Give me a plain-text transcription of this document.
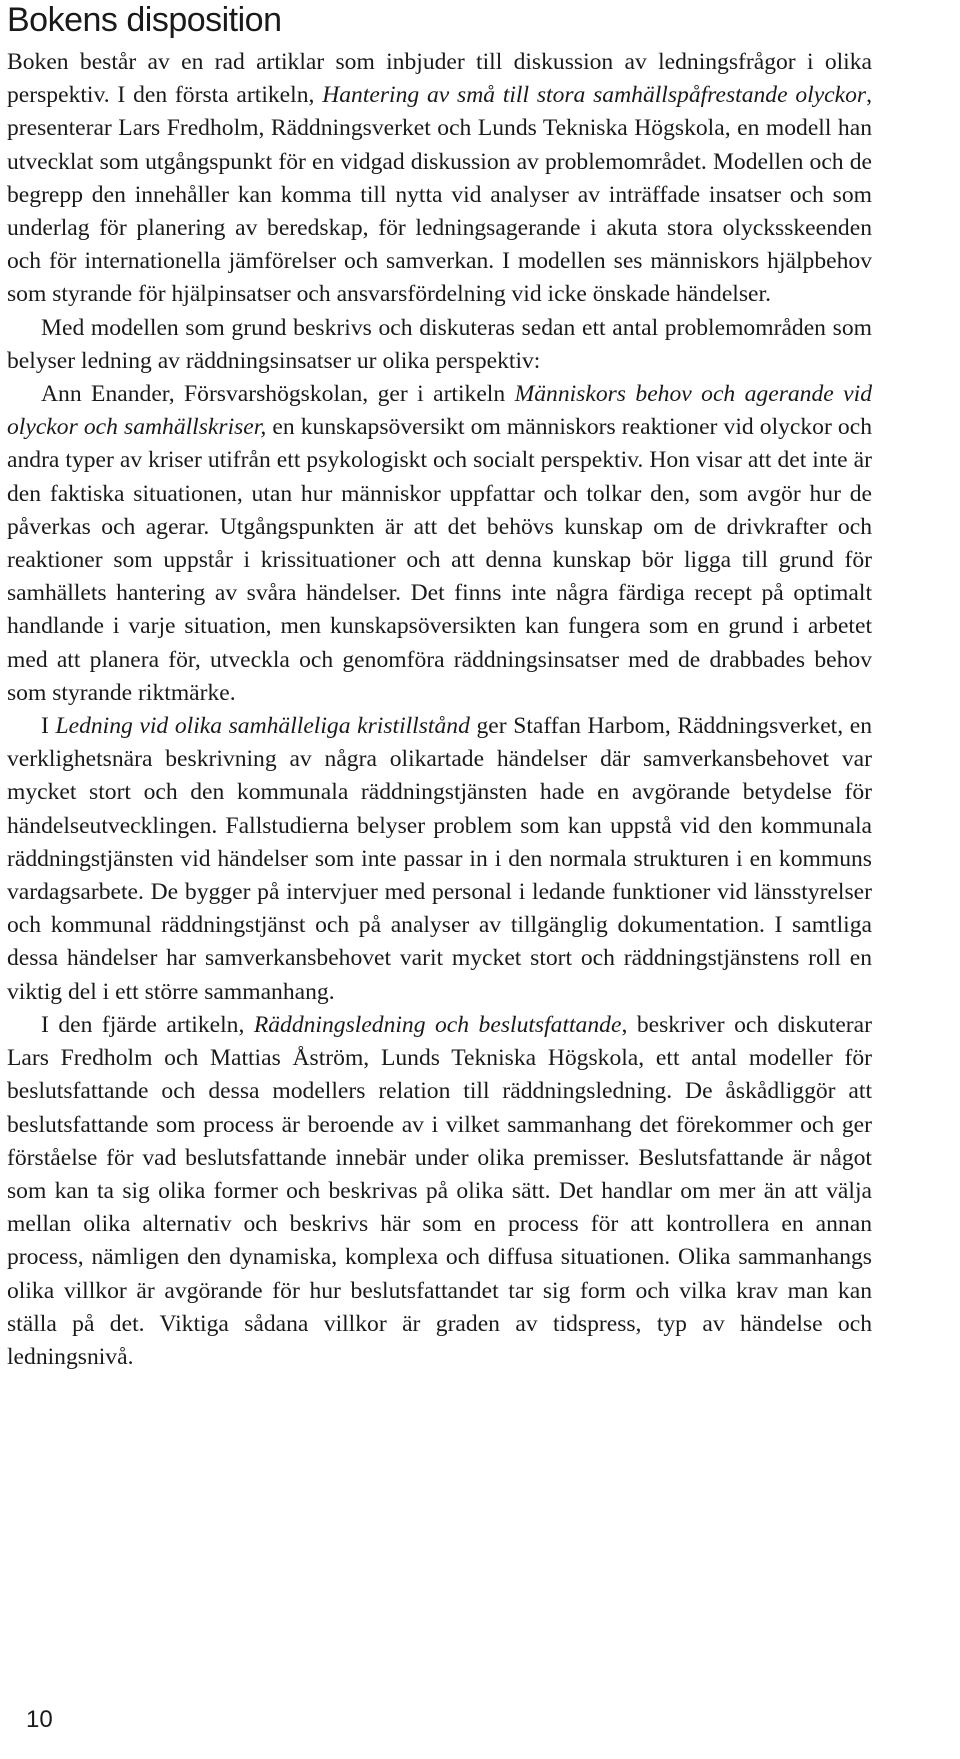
Bokens disposition

Boken består av en rad artiklar som inbjuder till diskussion av ledningsfrågor i olika perspektiv. I den första artikeln, Hantering av små till stora samhällspåfrestande olyckor, presenterar Lars Fredholm, Räddningsverket och Lunds Tekniska Högskola, en modell han utvecklat som utgångspunkt för en vidgad diskussion av problemområdet. Modellen och de begrepp den innehåller kan komma till nytta vid analyser av inträffade insatser och som underlag för planering av beredskap, för ledningsagerande i akuta stora olycksskeenden och för internationella jämförelser och samverkan. I modellen ses människors hjälpbehov som styrande för hjälpinsatser och ansvarsfördelning vid icke önskade händelser.

Med modellen som grund beskrivs och diskuteras sedan ett antal problemområden som belyser ledning av räddningsinsatser ur olika perspektiv:

Ann Enander, Försvarshögskolan, ger i artikeln Människors behov och agerande vid olyckor och samhällskriser, en kunskapsöversikt om människors reaktioner vid olyckor och andra typer av kriser utifrån ett psykologiskt och socialt perspektiv. Hon visar att det inte är den faktiska situationen, utan hur människor uppfattar och tolkar den, som avgör hur de påverkas och agerar. Utgångspunkten är att det behövs kunskap om de drivkrafter och reaktioner som uppstår i krissituationer och att denna kunskap bör ligga till grund för samhällets hantering av svåra händelser. Det finns inte några färdiga recept på optimalt handlande i varje situation, men kunskapsöversikten kan fungera som en grund i arbetet med att planera för, utveckla och genomföra räddningsinsatser med de drabbades behov som styrande riktmärke.

I Ledning vid olika samhälleliga kristillstånd ger Staffan Harbom, Räddningsverket, en verklighetsnära beskrivning av några olikartade händelser där samverkansbehovet var mycket stort och den kommunala räddningstjänsten hade en avgörande betydelse för händelseutvecklingen. Fallstudierna belyser problem som kan uppstå vid den kommunala räddningstjänsten vid händelser som inte passar in i den normala strukturen i en kommuns vardagsarbete. De bygger på intervjuer med personal i ledande funktioner vid länsstyrelser och kommunal räddningstjänst och på analyser av tillgänglig dokumentation. I samtliga dessa händelser har samverkansbehovet varit mycket stort och räddningstjänstens roll en viktig del i ett större sammanhang.

I den fjärde artikeln, Räddningsledning och beslutsfattande, beskriver och diskuterar Lars Fredholm och Mattias Åström, Lunds Tekniska Högskola, ett antal modeller för beslutsfattande och dessa modellers relation till räddningsledning. De åskådliggör att beslutsfattande som process är beroende av i vilket sammanhang det förekommer och ger förståelse för vad beslutsfattande innebär under olika premisser. Beslutsfattande är något som kan ta sig olika former och beskrivas på olika sätt. Det handlar om mer än att välja mellan olika alternativ och beskrivs här som en process för att kontrollera en annan process, nämligen den dynamiska, komplexa och diffusa situationen. Olika sammanhangs olika villkor är avgörande för hur beslutsfattandet tar sig form och vilka krav man kan ställa på det. Viktiga sådana villkor är graden av tidspress, typ av händelse och ledningsnivå.

10
